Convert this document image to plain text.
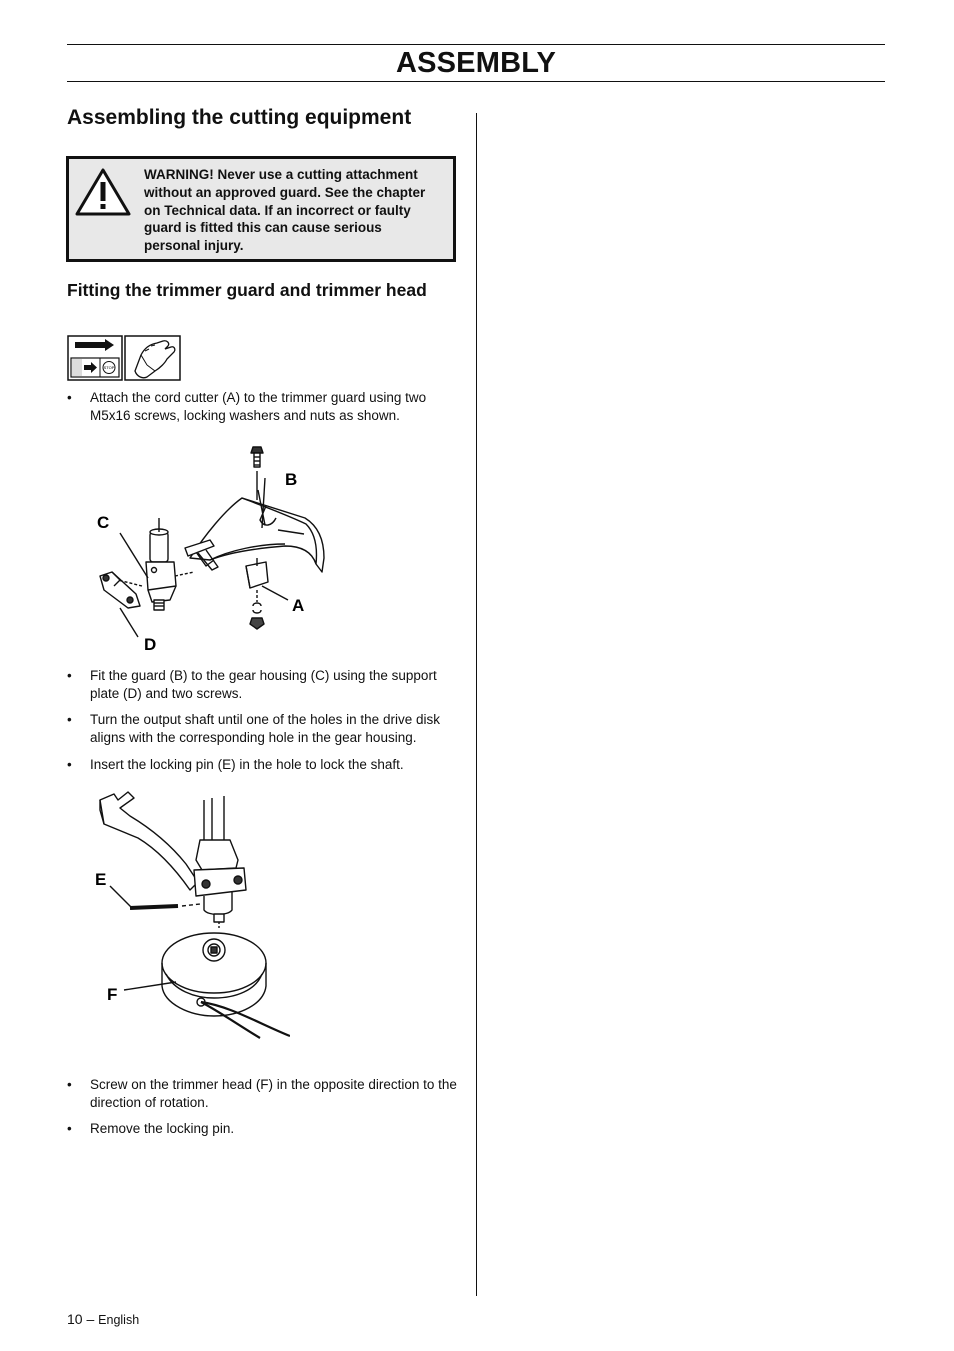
ASSEMBLY
Assembling the cutting equipment
WARNING! Never use a cutting attachment
without an approved guard. See the chapter
on Technical data. If an incorrect or faulty
guard is fitted this can cause serious
personal injury.
Fitting the trimmer guard and trimmer head
STOP
• Attach the cord cutter (A) to the trimmer guard using two M5x16 screws, locking washers and nuts as shown.
B
C
A
D
• Fit the guard (B) to the gear housing (C) using the support plate (D) and two screws.
• Turn the output shaft until one of the holes in the drive disk aligns with the corresponding hole in the gear housing.
• Insert the locking pin (E) in the hole to lock the shaft.
E
F
• Screw on the trimmer head (F) in the opposite direction to the direction of rotation.
• Remove the locking pin.
10 – English
